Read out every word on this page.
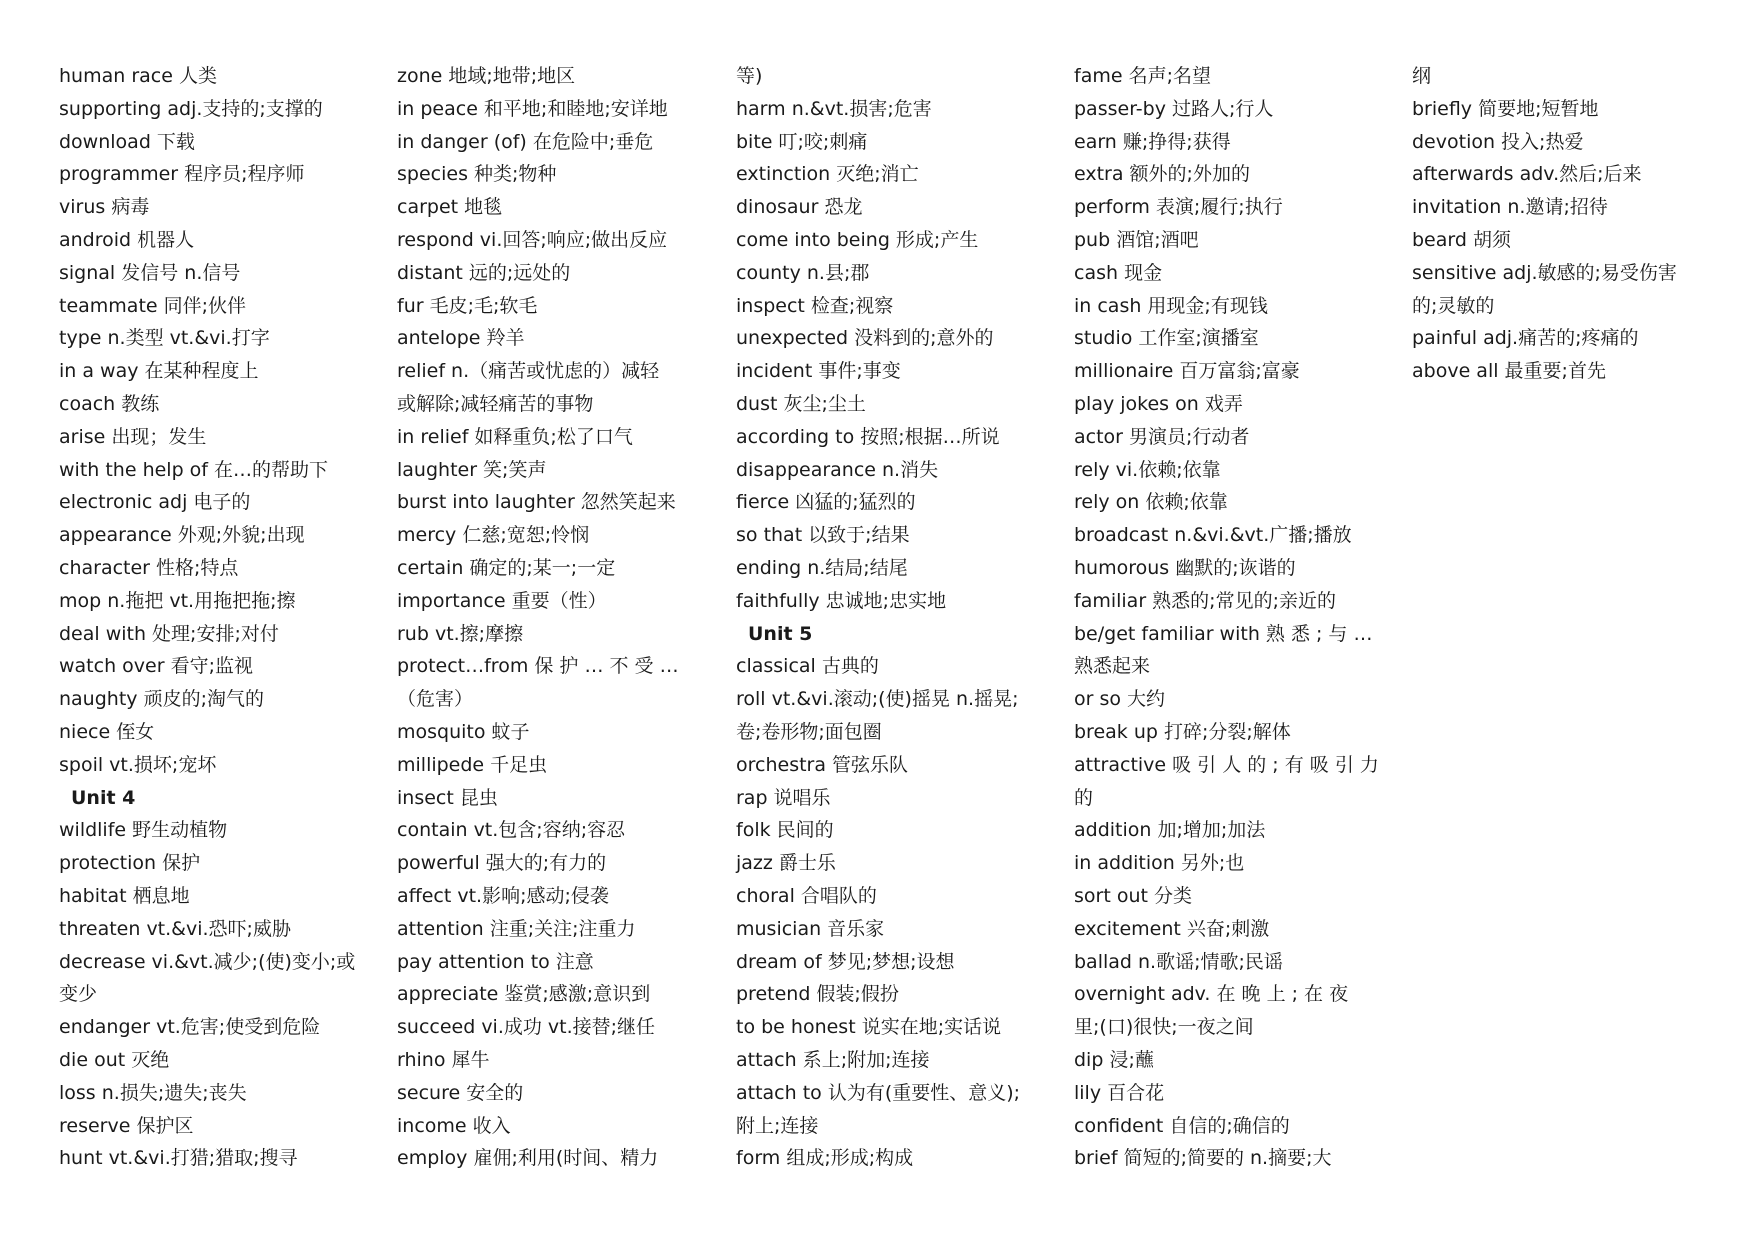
human race 人类
supporting adj.支持的;支撑的
download 下载
programmer 程序员;程序师
virus 病毒
android 机器人
signal 发信号 n.信号
teammate 同伴;伙伴
type n.类型 vt.&vi.打字
in a way 在某种程度上
coach 教练
arise 出现；发生
with the help of 在…的帮助下
electronic adj 电子的
appearance 外观;外貌;出现
character 性格;特点
mop n.拖把 vt.用拖把拖;擦
deal with 处理;安排;对付
watch over 看守;监视
naughty 顽皮的;淘气的
niece 侄女
spoil vt.损坏;宠坏
Unit 4
wildlife 野生动植物
protection 保护
habitat 栖息地
threaten vt.&vi.恐吓;威胁
decrease vi.&vt.减少;(使)变小;或
变少
endanger vt.危害;使受到危险
die out 灭绝
loss n.损失;遗失;丧失
reserve 保护区
hunt vt.&vi.打猎;猎取;搜寻
zone 地域;地带;地区
in peace 和平地;和睦地;安详地
in danger (of) 在危险中;垂危
species 种类;物种
carpet 地毯
respond vi.回答;响应;做出反应
distant 远的;远处的
fur 毛皮;毛;软毛
antelope 羚羊
relief n.（痛苦或忧虑的）减轻
或解除;减轻痛苦的事物
in relief 如释重负;松了口气
laughter 笑;笑声
burst into laughter 忽然笑起来
mercy 仁慈;宽恕;怜悯
certain 确定的;某一;一定
importance 重要（性）
rub vt.擦;摩擦
protect…from 保 护 … 不 受 …
（危害）
mosquito 蚊子
millipede 千足虫
insect 昆虫
contain vt.包含;容纳;容忍
powerful 强大的;有力的
affect vt.影响;感动;侵袭
attention 注重;关注;注重力
pay attention to 注意
appreciate 鉴赏;感激;意识到
succeed vi.成功 vt.接替;继任
rhino 犀牛
secure 安全的
income 收入
employ 雇佣;利用(时间、精力
等)
harm n.&vt.损害;危害
bite 叮;咬;刺痛
extinction 灭绝;消亡
dinosaur 恐龙
come into being 形成;产生
county n.县;郡
inspect 检查;视察
unexpected 没料到的;意外的
incident 事件;事变
dust 灰尘;尘土
according to 按照;根据…所说
disappearance n.消失
fierce 凶猛的;猛烈的
so that 以致于;结果
ending n.结局;结尾
faithfully 忠诚地;忠实地
Unit 5
classical 古典的
roll vt.&vi.滚动;(使)摇晃 n.摇晃;
卷;卷形物;面包圈
orchestra 管弦乐队
rap 说唱乐
folk 民间的
jazz 爵士乐
choral 合唱队的
musician 音乐家
dream of 梦见;梦想;设想
pretend 假装;假扮
to be honest 说实在地;实话说
attach 系上;附加;连接
attach to 认为有(重要性、意义);
附上;连接
form 组成;形成;构成
fame 名声;名望
passer-by 过路人;行人
earn 赚;挣得;获得
extra 额外的;外加的
perform 表演;履行;执行
pub 酒馆;酒吧
cash 现金
in cash 用现金;有现钱
studio 工作室;演播室
millionaire 百万富翁;富豪
play jokes on 戏弄
actor 男演员;行动者
rely vi.依赖;依靠
rely on 依赖;依靠
broadcast n.&vi.&vt.广播;播放
humorous 幽默的;诙谐的
familiar 熟悉的;常见的;亲近的
be/get familiar with 熟 悉 ; 与 …
熟悉起来
or so 大约
break up 打碎;分裂;解体
attractive 吸 引 人 的 ; 有 吸 引 力
的
addition 加;增加;加法
in addition 另外;也
sort out 分类
excitement 兴奋;刺激
ballad n.歌谣;情歌;民谣
overnight adv. 在 晚 上 ; 在 夜
里;(口)很快;一夜之间
dip 浸;蘸
lily 百合花
confident 自信的;确信的
brief 简短的;简要的 n.摘要;大
纲
briefly 简要地;短暂地
devotion 投入;热爱
afterwards adv.然后;后来
invitation n.邀请;招待
beard 胡须
sensitive adj.敏感的;易受伤害
的;灵敏的
painful adj.痛苦的;疼痛的
above all 最重要;首先
